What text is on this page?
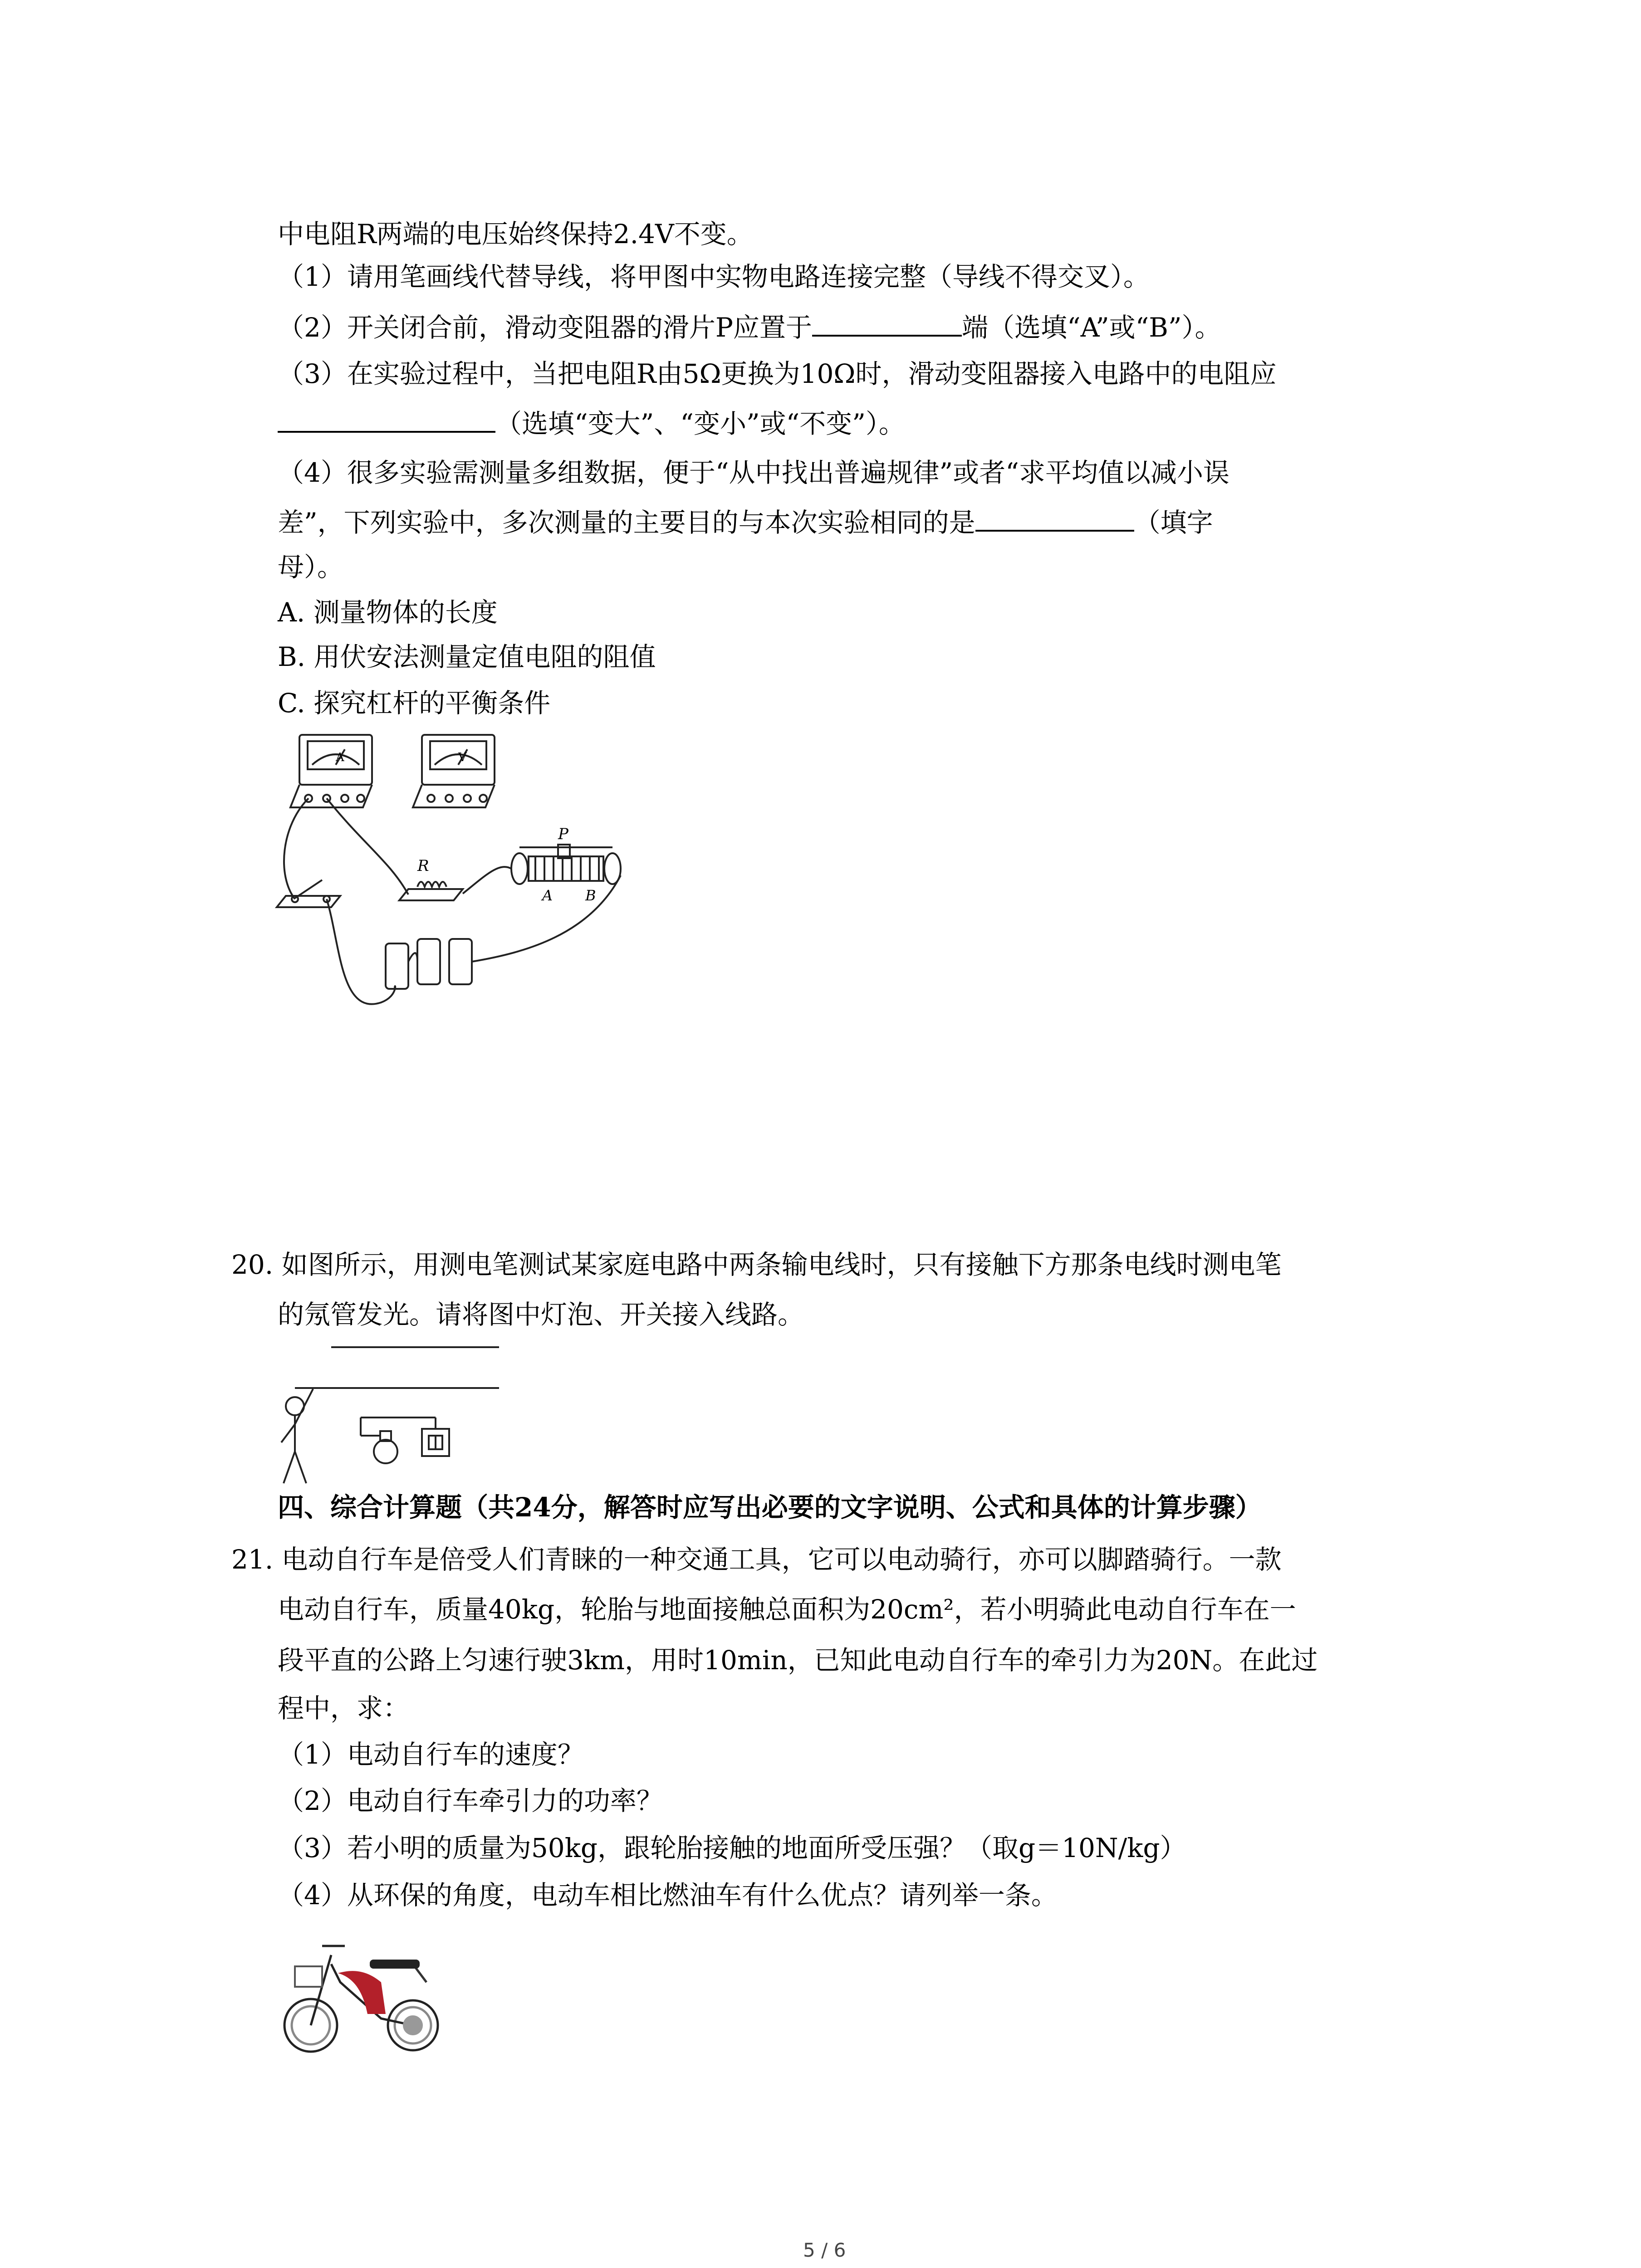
中电阻R两端的电压始终保持2.4V不变。
（1）请用笔画线代替导线，将甲图中实物电路连接完整（导线不得交叉）。
（2）开关闭合前，滑动变阻器的滑片P应置于	端（选填“A”或“B”）。
（3）在实验过程中，当把电阻R由5Ω更换为10Ω时，滑动变阻器接入电路中的电阻应
（选填“变大”、“变小”或“不变”）。
（4）很多实验需测量多组数据，便于“从中找出普遍规律”或者“求平均值以减小误
差”，下列实验中，多次测量的主要目的与本次实验相同的是	（填字
母）。
A. 测量物体的长度
B. 用伏安法测量定值电阻的阻值
C. 探究杠杆的平衡条件
A	V
R
P
A B
20. 如图所示，用测电笔测试某家庭电路中两条输电线时，只有接触下方那条电线时测电笔
的氖管发光。请将图中灯泡、开关接入线路。
四、综合计算题（共24分，解答时应写出必要的文字说明、公式和具体的计算步骤）
21. 电动自行车是倍受人们青睐的一种交通工具，它可以电动骑行，亦可以脚踏骑行。一款
电动自行车，质量40kg，轮胎与地面接触总面积为20cm²，若小明骑此电动自行车在一
段平直的公路上匀速行驶3km，用时10min，已知此电动自行车的牵引力为20N。在此过
程中，求：
（1）电动自行车的速度？
（2）电动自行车牵引力的功率？
（3）若小明的质量为50kg，跟轮胎接触的地面所受压强？（取g＝10N/kg）
（4）从环保的角度，电动车相比燃油车有什么优点？请列举一条。
5 / 6
